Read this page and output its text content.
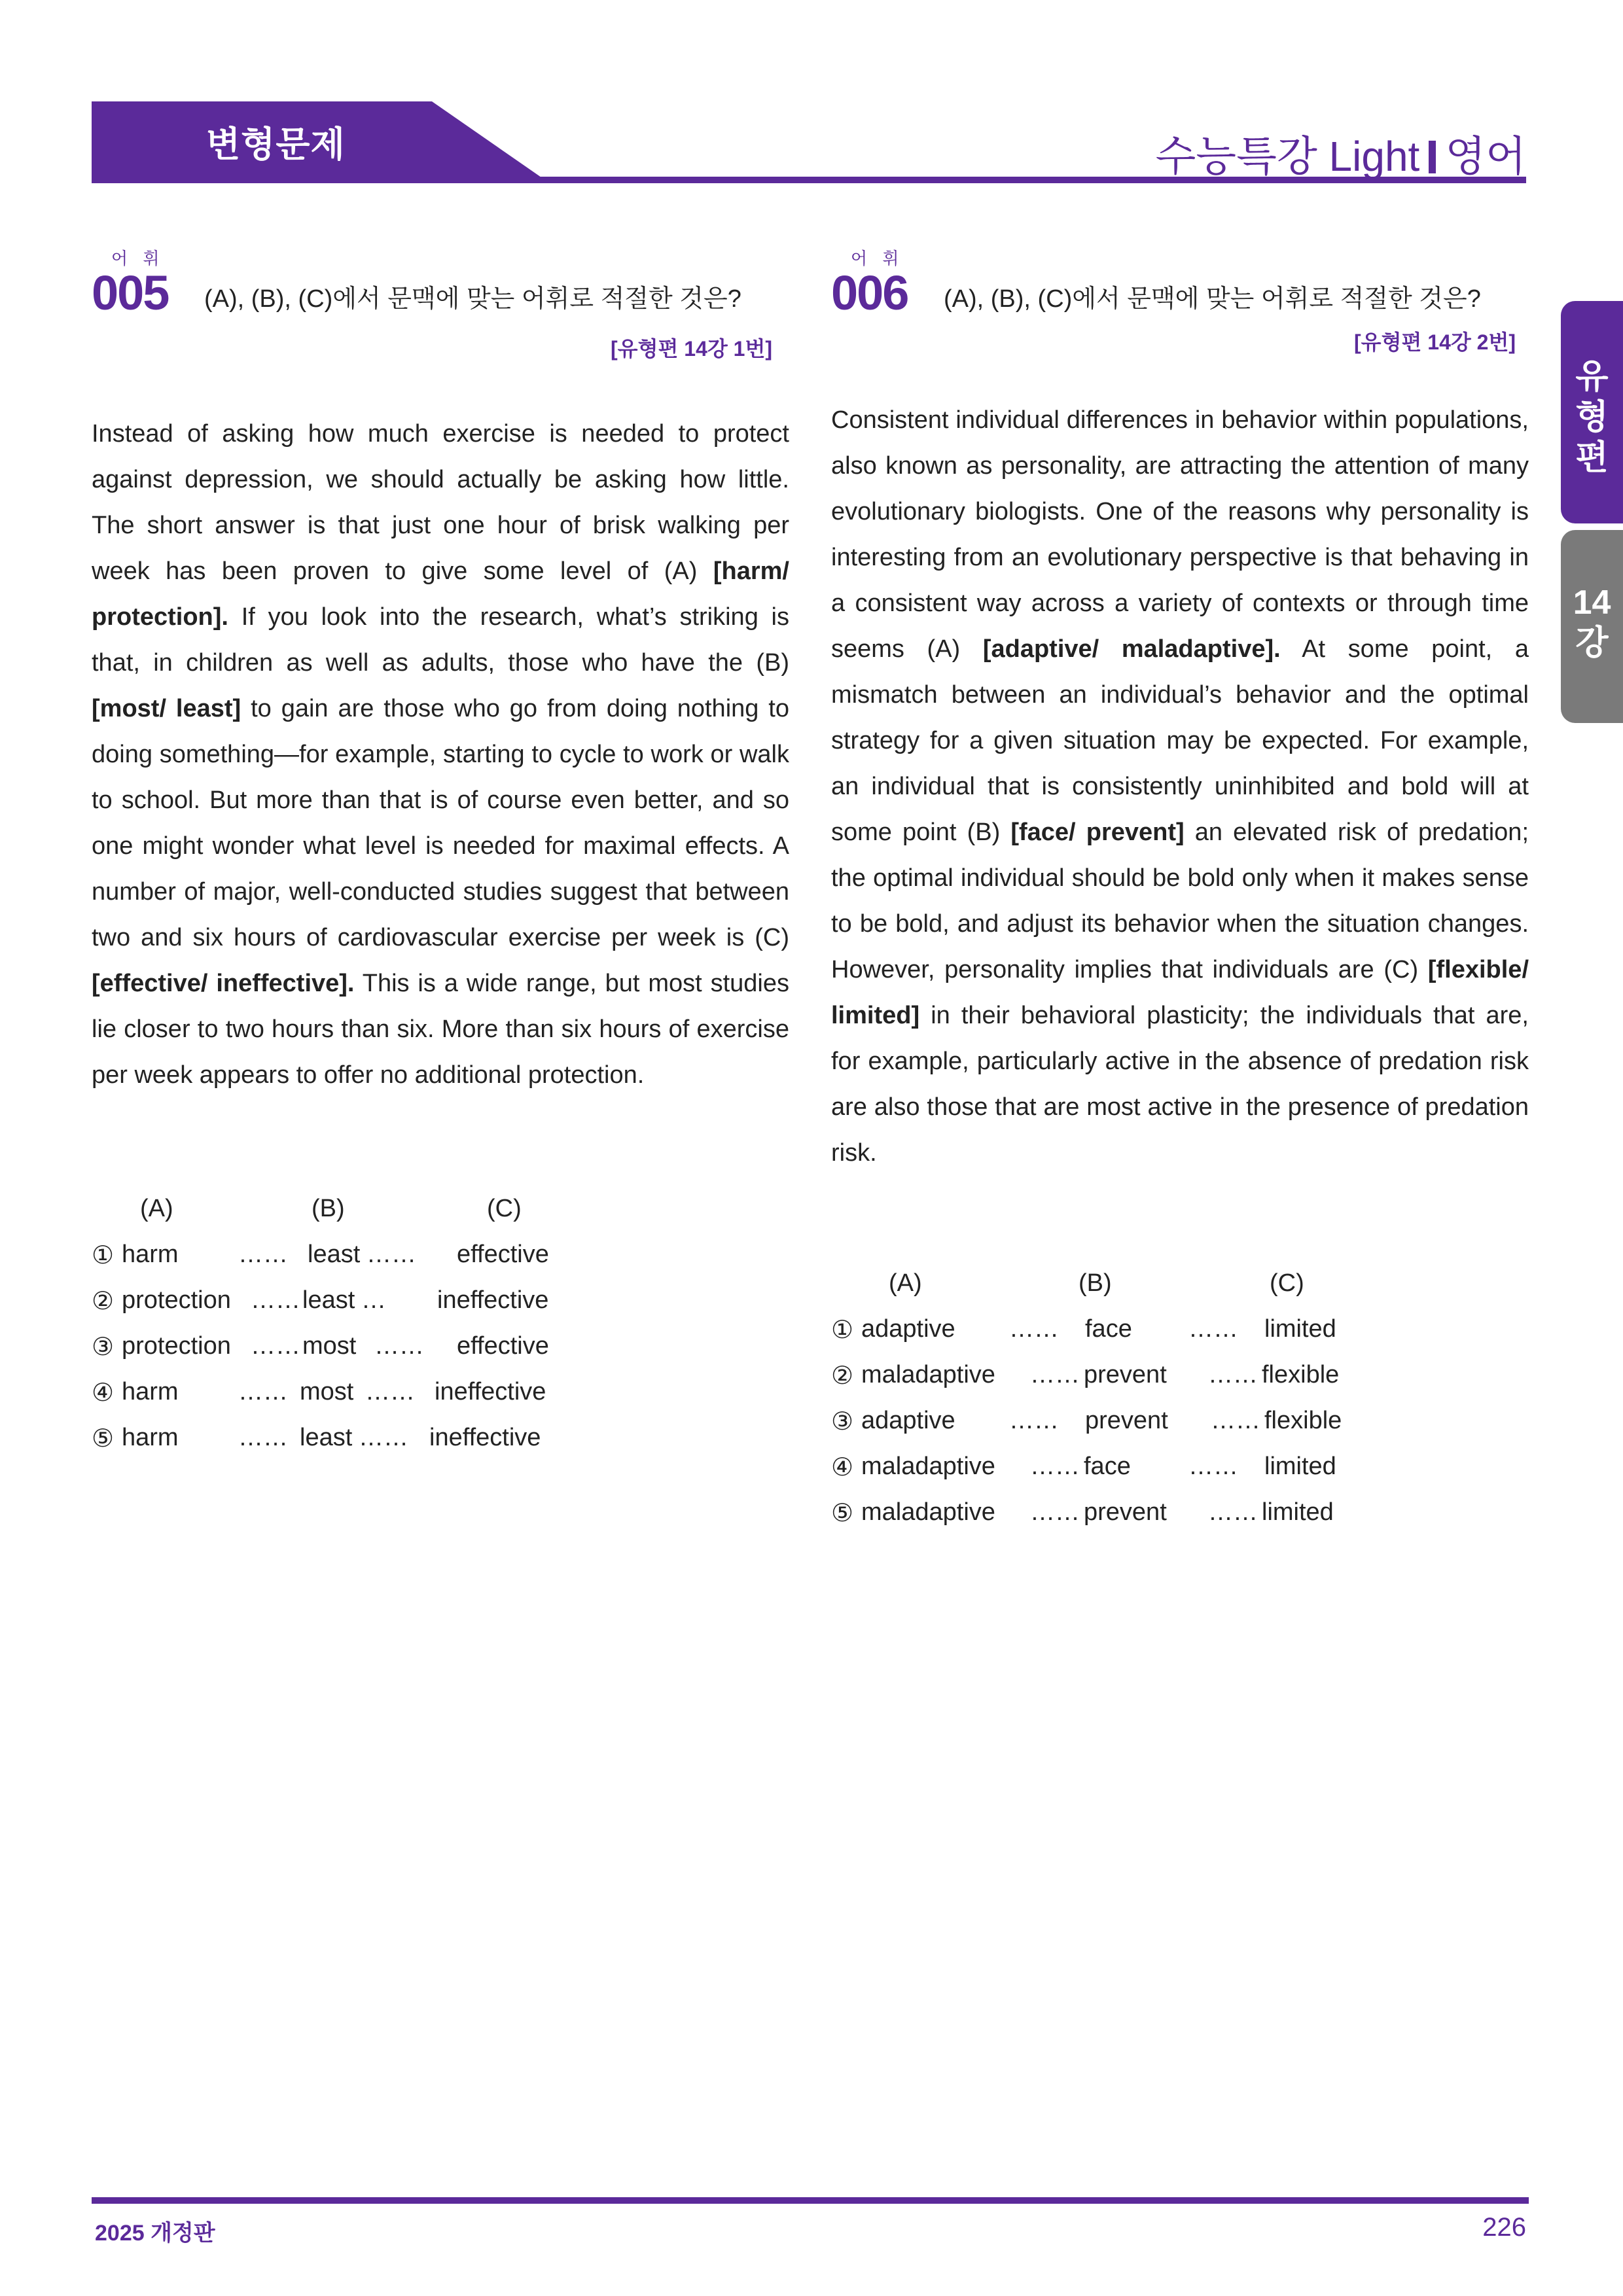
변형문제	수능특강 Light 영어
유
형
편
14
강
어 휘
005 (A), (B), (C)에서 문맥에 맞는 어휘로 적절한 것은?
[유형편 14강 1번]
Instead of asking how much exercise is needed to protect against depression, we should actually be asking how little. The short answer is that just one hour of brisk walking per week has been proven to give some level of (A) [harm/ protection]. If you look into the research, what’s striking is that, in children as well as adults, those who have the (B) [most/ least] to gain are those who go from doing nothing to doing something—for example, starting to cycle to work or walk to school. But more than that is of course even better, and so one might wonder what level is needed for maximal effects. A number of major, well-conducted studies suggest that between two and six hours of cardiovascular exercise per week is (C) [effective/ ineffective]. This is a wide range, but most studies lie closer to two hours than six. More than six hours of exercise per week appears to offer no additional protection.
(A)	(B)	(C)
① harm …… least …… effective
② protection …… least … ineffective
③ protection …… most …… effective
④ harm …… most …… ineffective
⑤ harm …… least …… ineffective
어 휘
006 (A), (B), (C)에서 문맥에 맞는 어휘로 적절한 것은?
[유형편 14강 2번]
Consistent individual differences in behavior within populations, also known as personality, are attracting the attention of many evolutionary biologists. One of the reasons why personality is interesting from an evolutionary perspective is that behaving in a consistent way across a variety of contexts or through time seems (A) [adaptive/ maladaptive]. At some point, a mismatch between an individual’s behavior and the optimal strategy for a given situation may be expected. For example, an individual that is consistently uninhibited and bold will at some point (B) [face/ prevent] an elevated risk of predation; the optimal individual should be bold only when it makes sense to be bold, and adjust its behavior when the situation changes. However, personality implies that individuals are (C) [flexible/ limited] in their behavioral plasticity; the individuals that are, for example, particularly active in the absence of predation risk are also those that are most active in the presence of predation risk.
(A)	(B)	(C)
① adaptive …… face …… limited
② maladaptive …… prevent …… flexible
③ adaptive …… prevent …… flexible
④ maladaptive …… face …… limited
⑤ maladaptive …… prevent …… limited
2025 개정판	226
